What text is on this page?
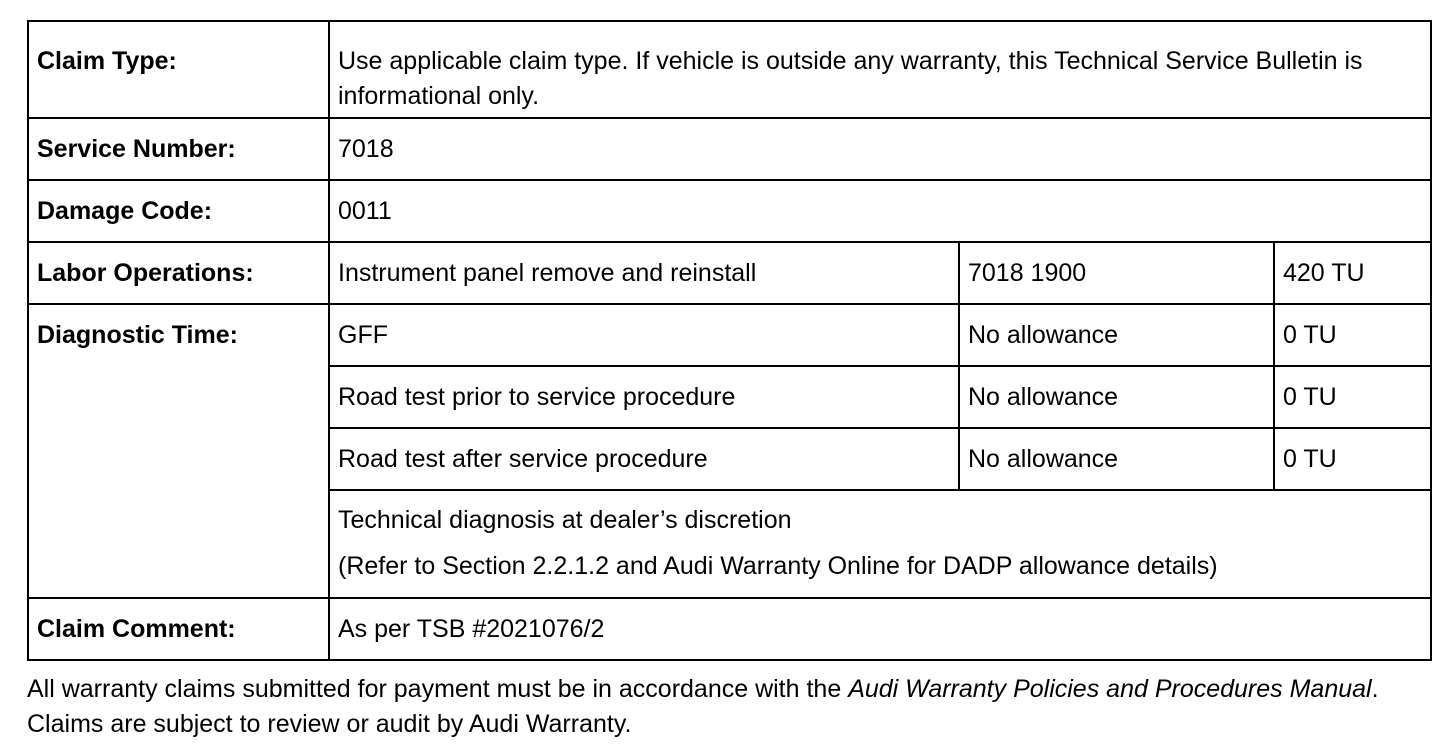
Claim Type:	Use applicable claim type. If vehicle is outside any warranty, this Technical Service Bulletin is informational only.		
Service Number:	7018		
Damage Code:	0011		
Labor Operations:	Instrument panel remove and reinstall	7018 1900	420 TU
Diagnostic Time:	GFF	No allowance	0 TU
	Road test prior to service procedure	No allowance	0 TU
	Road test after service procedure	No allowance	0 TU

	Technical diagnosis at dealer’s discretion
(Refer to Section 2.2.1.2 and Audi Warranty Online for DADP allowance details)		

Claim Comment:	As per TSB #2021076/2		

All warranty claims submitted for payment must be in accordance with the Audi Warranty Policies and Procedures Manual. Claims are subject to review or audit by Audi Warranty.
